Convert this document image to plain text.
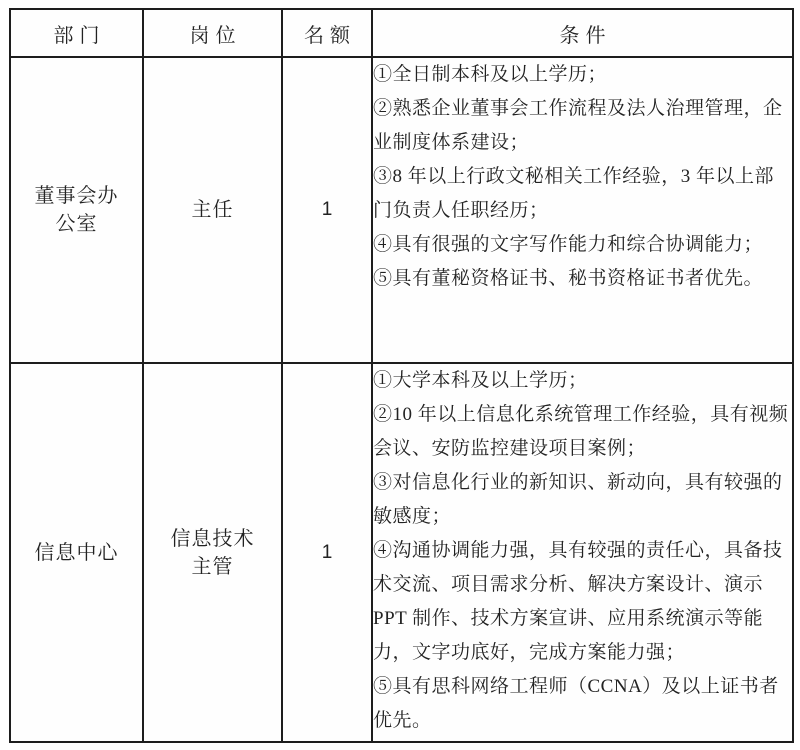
部门	岗位	名额	条件
董事会办公室	主任	1	①全日制本科及以上学历；

②熟悉企业董事会工作流程及法人治理管理，企业制度体系建设；

③8 年以上行政文秘相关工作经验，3 年以上部门负责人任职经历；

④具有很强的文字写作能力和综合协调能力；

⑤具有董秘资格证书、秘书资格证书者优先。

信息中心	信息技术主管	1	①大学本科及以上学历；

②10 年以上信息化系统管理工作经验，具有视频会议、安防监控建设项目案例；

③对信息化行业的新知识、新动向，具有较强的敏感度；

④沟通协调能力强，具有较强的责任心，具备技术交流、项目需求分析、解决方案设计、演示 PPT 制作、技术方案宣讲、应用系统演示等能力，文字功底好，完成方案能力强；

⑤具有思科网络工程师（CCNA）及以上证书者优先。
